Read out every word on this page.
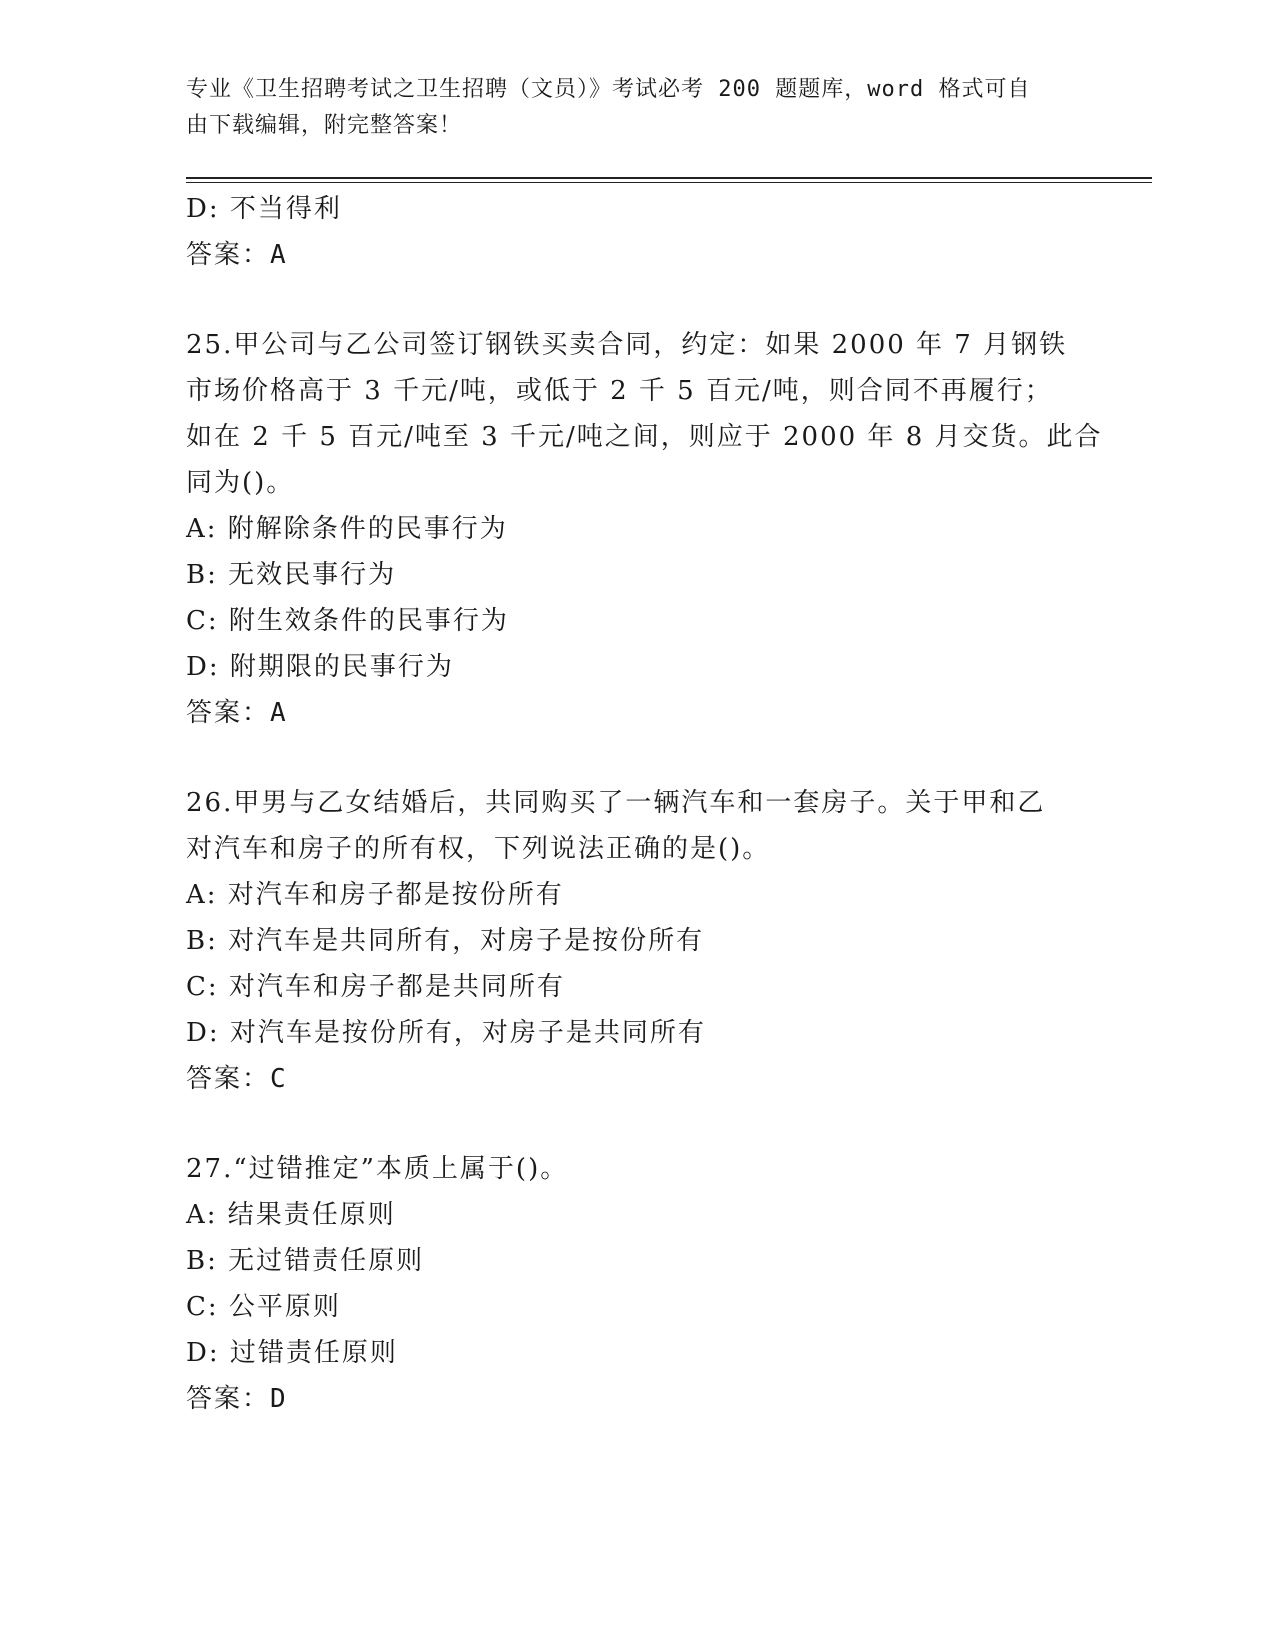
专业《卫生招聘考试之卫生招聘（文员）》考试必考 200 题题库，word 格式可自
由下载编辑，附完整答案！
D: 不当得利
答案：A
25.甲公司与乙公司签订钢铁买卖合同，约定：如果 2000 年 7 月钢铁
市场价格高于 3 千元/吨，或低于 2 千 5 百元/吨，则合同不再履行；
如在 2 千 5 百元/吨至 3 千元/吨之间，则应于 2000 年 8 月交货。此合
同为()。
A: 附解除条件的民事行为
B: 无效民事行为
C: 附生效条件的民事行为
D: 附期限的民事行为
答案：A
26.甲男与乙女结婚后，共同购买了一辆汽车和一套房子。关于甲和乙
对汽车和房子的所有权，下列说法正确的是()。
A: 对汽车和房子都是按份所有
B: 对汽车是共同所有，对房子是按份所有
C: 对汽车和房子都是共同所有
D: 对汽车是按份所有，对房子是共同所有
答案：C
27.“过错推定”本质上属于()。
A: 结果责任原则
B: 无过错责任原则
C: 公平原则
D: 过错责任原则
答案：D
